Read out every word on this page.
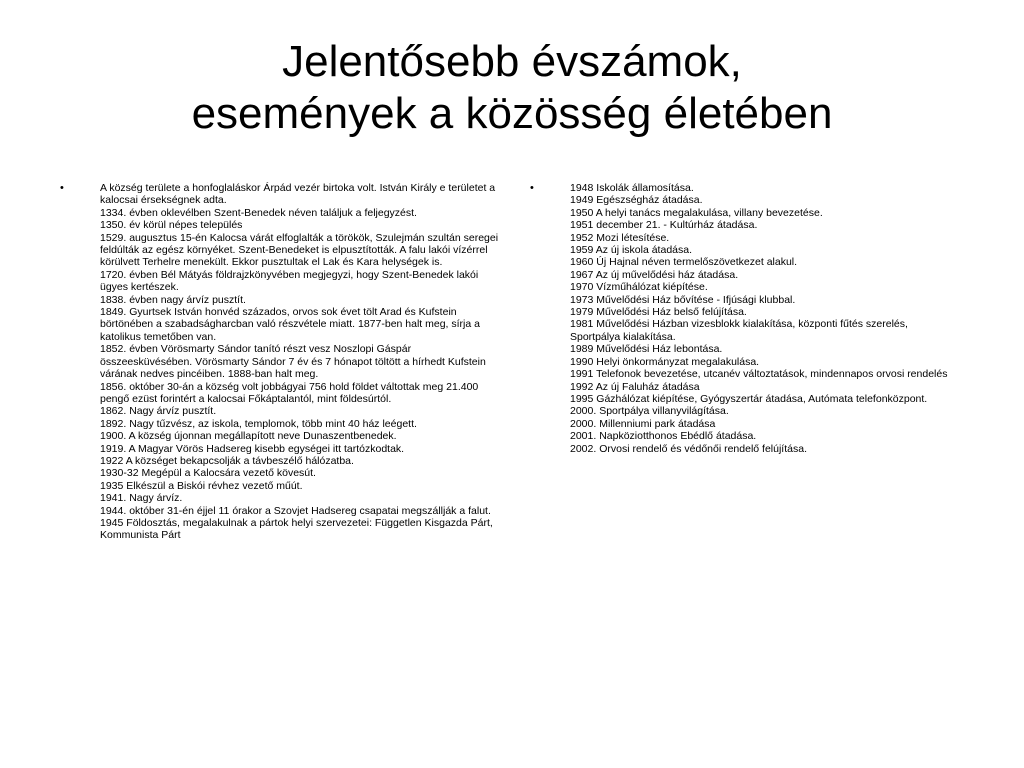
Jelentősebb évszámok,
események a közösség életében
•	A község területe a honfoglaláskor Árpád vezér birtoka volt. István Király e területet a kalocsai érsekségnek adta.
1334. évben oklevélben Szent-Benedek néven találjuk a feljegyzést.
1350. év körül népes település
1529. augusztus 15-én Kalocsa várát elfoglalták a törökök, Szulejmán szultán seregei feldúlták az egész környéket. Szent-Benedeket is elpusztították. A falu lakói vízérrel körülvett Terhelre menekült. Ekkor pusztultak el Lak és Kara helységek is.
1720. évben Bél Mátyás földrajzkönyvében megjegyzi, hogy Szent-Benedek lakói ügyes kertészek.
1838. évben nagy árvíz pusztít.
1849. Gyurtsek István honvéd százados, orvos sok évet tölt Arad és Kufstein börtönében a szabadságharcban való részvétele miatt. 1877-ben halt meg, sírja a katolikus temetőben van.
1852. évben Vörösmarty Sándor tanító részt vesz Noszlopi Gáspár összeesküvésében. Vörösmarty Sándor 7 év és 7 hónapot töltött a hírhedt Kufstein várának nedves pincéiben. 1888-ban halt meg.
1856. október 30-án a község volt jobbágyai 756 hold földet váltottak meg 21.400 pengő ezüst forintért a kalocsai Főkáptalantól, mint földesúrtól.
1862. Nagy árvíz pusztít.
1892. Nagy tűzvész, az iskola, templomok, több mint 40 ház leégett.
1900. A község újonnan megállapított neve Dunaszentbenedek.
1919. A Magyar Vörös Hadsereg kisebb egységei itt tartózkodtak.
1922 A községet bekapcsolják a távbeszélő hálózatba.
1930-32 Megépül a Kalocsára vezető kövesút.
1935 Elkészül a Biskói révhez vezető műút.
1941. Nagy árvíz.
1944. október 31-én éjjel 11 órakor a Szovjet Hadsereg csapatai megszállják a falut.
1945 Földosztás, megalakulnak a pártok helyi szervezetei: Független Kisgazda Párt, Kommunista Párt
•	1948 Iskolák államosítása.
1949 Egészségház átadása.
1950 A helyi tanács megalakulása, villany bevezetése.
1951 december 21. - Kultúrház átadása.
1952 Mozi létesítése.
1959 Az új iskola átadása.
1960 Új Hajnal néven termelőszövetkezet alakul.
1967 Az új művelődési ház átadása.
1970 Vízműhálózat kiépítése.
1973 Művelődési Ház bővítése - Ifjúsági klubbal.
1979 Művelődési Ház belső felújítása.
1981 Művelődési Házban vizesblokk kialakítása, központi fűtés szerelés, Sportpálya kialakítása.
1989 Művelődési Ház lebontása.
1990 Helyi önkormányzat megalakulása.
1991 Telefonok bevezetése, utcanév változtatások, mindennapos orvosi rendelés
1992 Az új Faluház átadása
1995 Gázhálózat kiépítése, Gyógyszertár átadása, Autómata telefonközpont.
2000. Sportpálya villanyvilágítása.
2000. Millenniumi park átadása
2001. Napköziotthonos Ebédlő átadása.
2002. Orvosi rendelő és védőnői rendelő felújítása.
